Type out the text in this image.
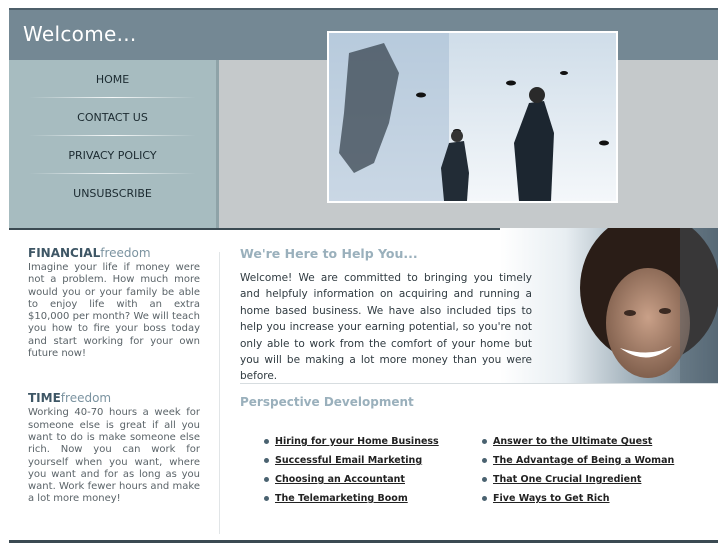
Welcome...
HOME
CONTACT US
PRIVACY POLICY
UNSUBSCRIBE
FINANCIALfreedom
Imagine your life if money were not a problem. How much more would you or your family be able to enjoy life with an extra $10,000 per month? We will teach you how to fire your boss today and start working for your own future now!
TIMEfreedom
Working 40-70 hours a week for someone else is great if all you want to do is make someone else rich. Now you can work for yourself when you want, where you want and for as long as you want. Work fewer hours and make a lot more money!
We're Here to Help You...
Welcome! We are committed to bringing you timely and helpfuly information on acquiring and running a home based business. We have also included tips to help you increase your earning potential, so you're not only able to work from the comfort of your home but you will be making a lot more money than you were before.
Perspective Development
Hiring for your Home Business
Successful Email Marketing
Choosing an Accountant
The Telemarketing Boom
Answer to the Ultimate Quest
The Advantage of Being a Woman
That One Crucial Ingredient
Five Ways to Get Rich
